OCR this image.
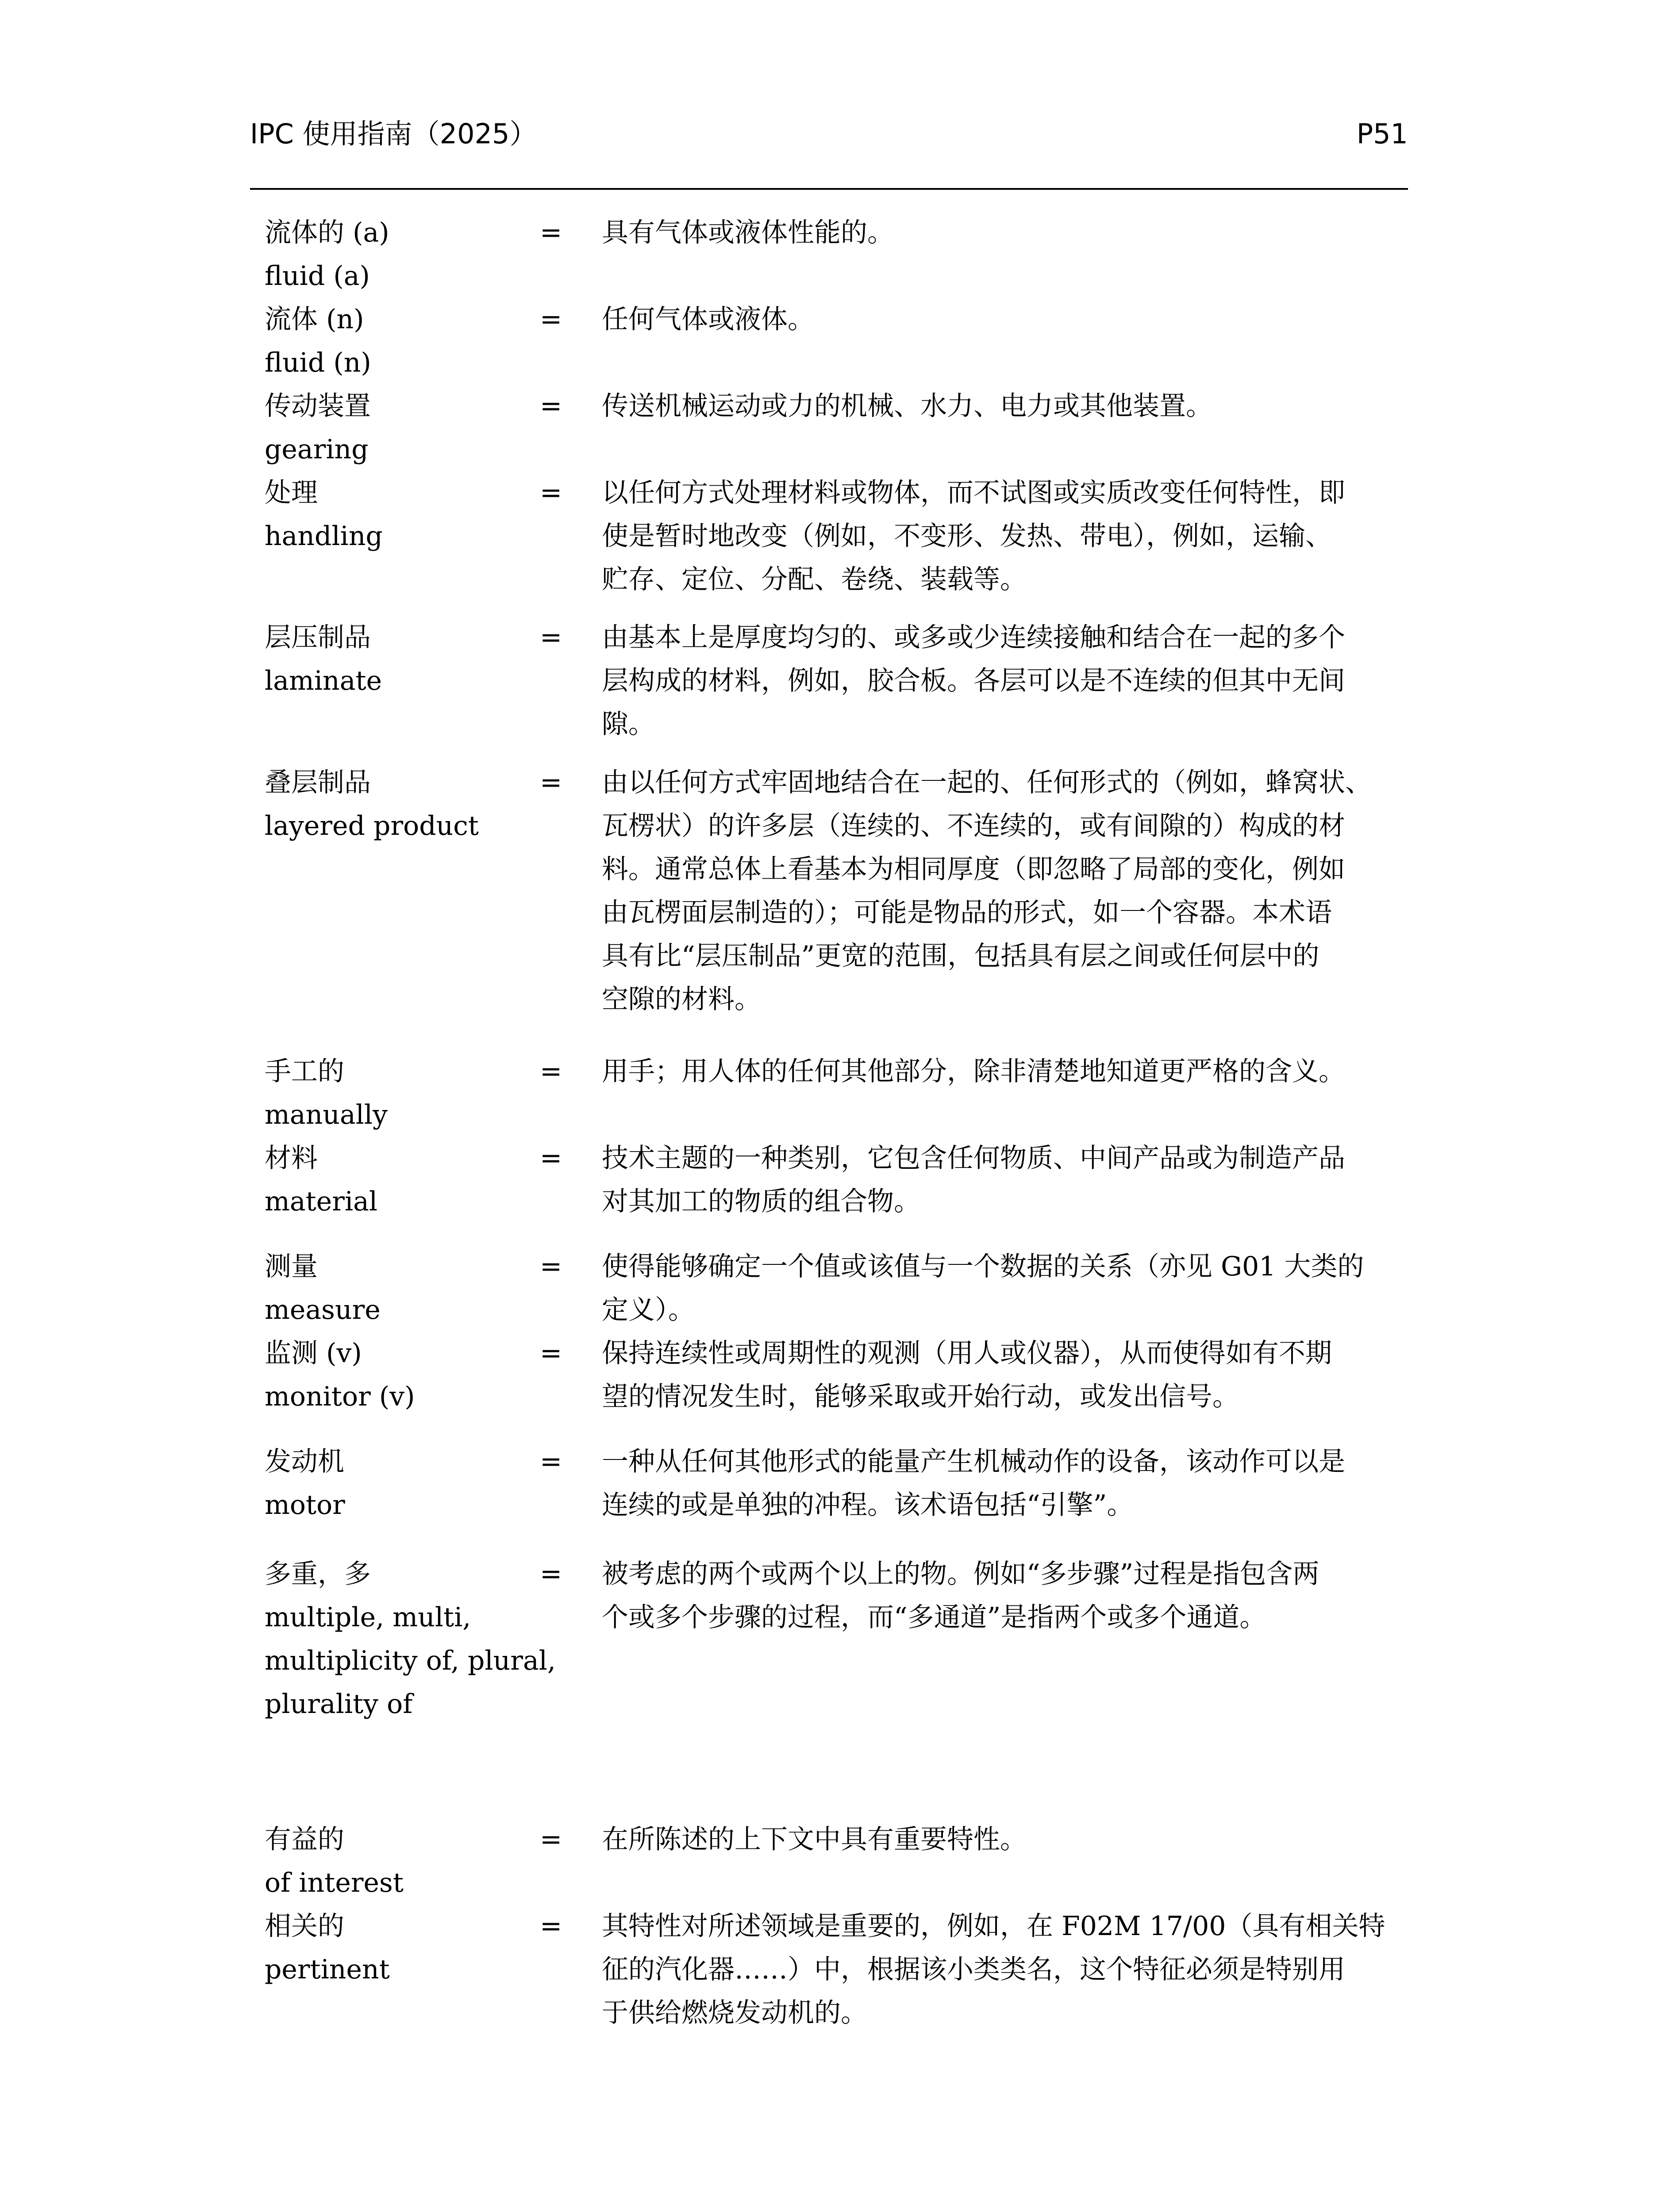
IPC 使用指南（2025）	P51
流体的 (a)
fluid (a)
= 具有气体或液体性能的。
流体 (n)
fluid (n)
= 任何气体或液体。
传动装置
gearing
= 传送机械运动或力的机械、水力、电力或其他装置。
处理
handling
= 以任何方式处理材料或物体，而不试图或实质改变任何特性，即
使是暂时地改变（例如，不变形、发热、带电），例如，运输、
贮存、定位、分配、卷绕、装载等。
层压制品
laminate
= 由基本上是厚度均匀的、或多或少连续接触和结合在一起的多个
层构成的材料，例如，胶合板。各层可以是不连续的但其中无间
隙。
叠层制品
layered product
= 由以任何方式牢固地结合在一起的、任何形式的（例如，蜂窝状、
瓦楞状）的许多层（连续的、不连续的，或有间隙的）构成的材
料。通常总体上看基本为相同厚度（即忽略了局部的变化，例如
由瓦楞面层制造的）；可能是物品的形式，如一个容器。本术语
具有比“层压制品”更宽的范围，包括具有层之间或任何层中的
空隙的材料。
手工的
manually
= 用手；用人体的任何其他部分，除非清楚地知道更严格的含义。
材料
material
= 技术主题的一种类别，它包含任何物质、中间产品或为制造产品
对其加工的物质的组合物。
测量
measure
= 使得能够确定一个值或该值与一个数据的关系（亦见 G01 大类的
定义）。
监测 (v)
monitor (v)
= 保持连续性或周期性的观测（用人或仪器），从而使得如有不期
望的情况发生时，能够采取或开始行动，或发出信号。
发动机
motor
= 一种从任何其他形式的能量产生机械动作的设备，该动作可以是
连续的或是单独的冲程。该术语包括“引擎”。
多重，多
multiple, multi,
multiplicity of, plural,
plurality of
= 被考虑的两个或两个以上的物。例如“多步骤”过程是指包含两
个或多个步骤的过程，而“多通道”是指两个或多个通道。
有益的
of interest
= 在所陈述的上下文中具有重要特性。
相关的
pertinent
= 其特性对所述领域是重要的，例如，在 F02M 17/00（具有相关特
征的汽化器……）中，根据该小类类名，这个特征必须是特别用
于供给燃烧发动机的。
